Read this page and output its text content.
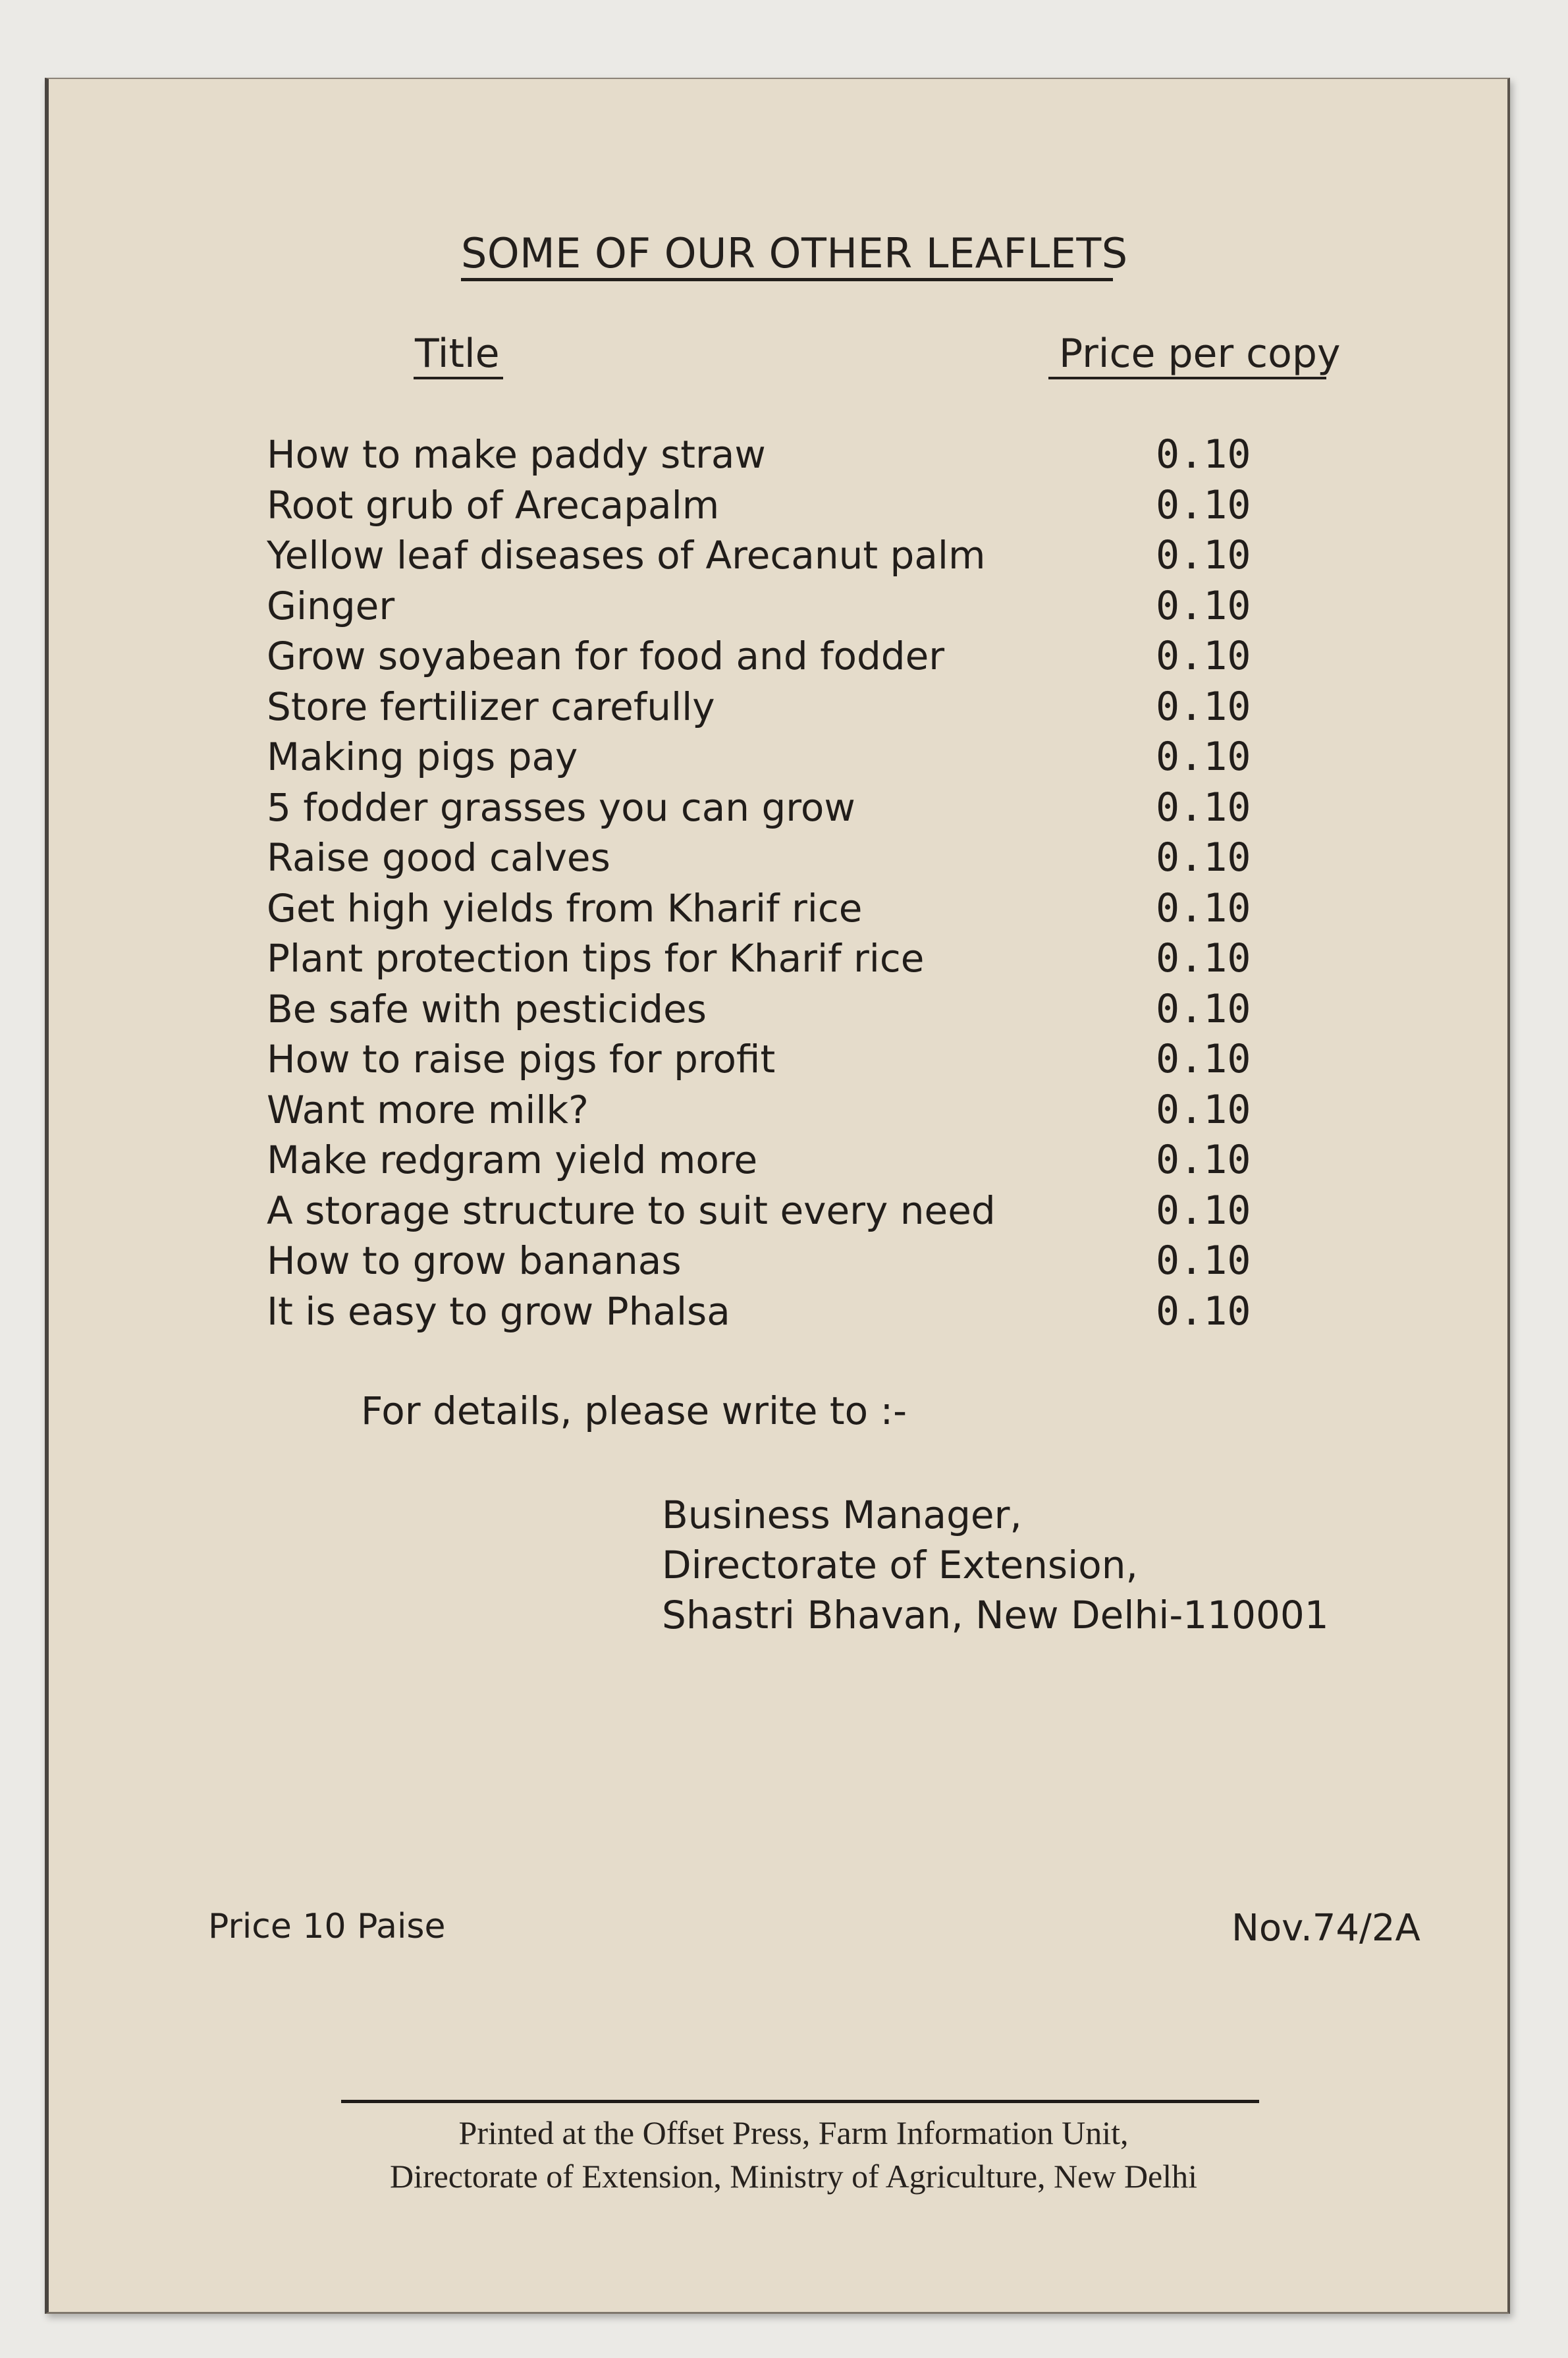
SOME OF OUR OTHER LEAFLETS
Title	Price per copy
How to make paddy straw	0.10
Root grub of Arecapalm	0.10
Yellow leaf diseases of Arecanut palm	0.10
Ginger	0.10
Grow soyabean for food and fodder	0.10
Store fertilizer carefully	0.10
Making pigs pay	0.10
5 fodder grasses you can grow	0.10
Raise good calves	0.10
Get high yields from Kharif rice	0.10
Plant protection tips for Kharif rice	0.10
Be safe with pesticides	0.10
How to raise pigs for profit	0.10
Want more milk?	0.10
Make redgram yield more	0.10
A storage structure to suit every need	0.10
How to grow bananas	0.10
It is easy to grow Phalsa	0.10
For details, please write to :-
Business Manager,
Directorate of Extension,
Shastri Bhavan, New Delhi-110001
Price 10 Paise	Nov.74/2A
Printed at the Offset Press, Farm Information Unit,
Directorate of Extension, Ministry of Agriculture, New Delhi
